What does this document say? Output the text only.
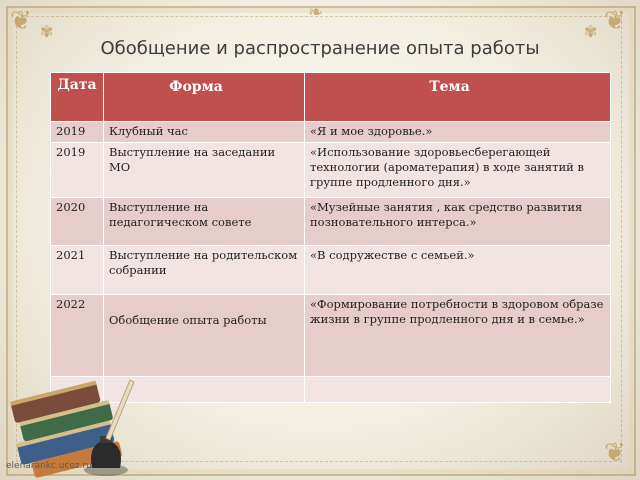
❦	❦
✾	✾
❧
❦
Обобщение и распространение опыта работы
Дата	Форма	Тема
2019	Клубный час	«Я и мое здоровье.»
2019	Выступление на заседании МО	«Использование здоровьесберегающей технологии (ароматерапия) в ходе занятий в группе продленного дня.»
2020	Выступление на педагогическом совете	«Музейные занятия , как средство развития позновательного интерса.»
2021	Выступление на родительском собрании	«В содружестве с семьей.»
2022	Обобщение опыта работы	«Формирование потребности в здоровом образе жизни в группе продленного дня и в семье.»

elenarankc.ucoz.ru
